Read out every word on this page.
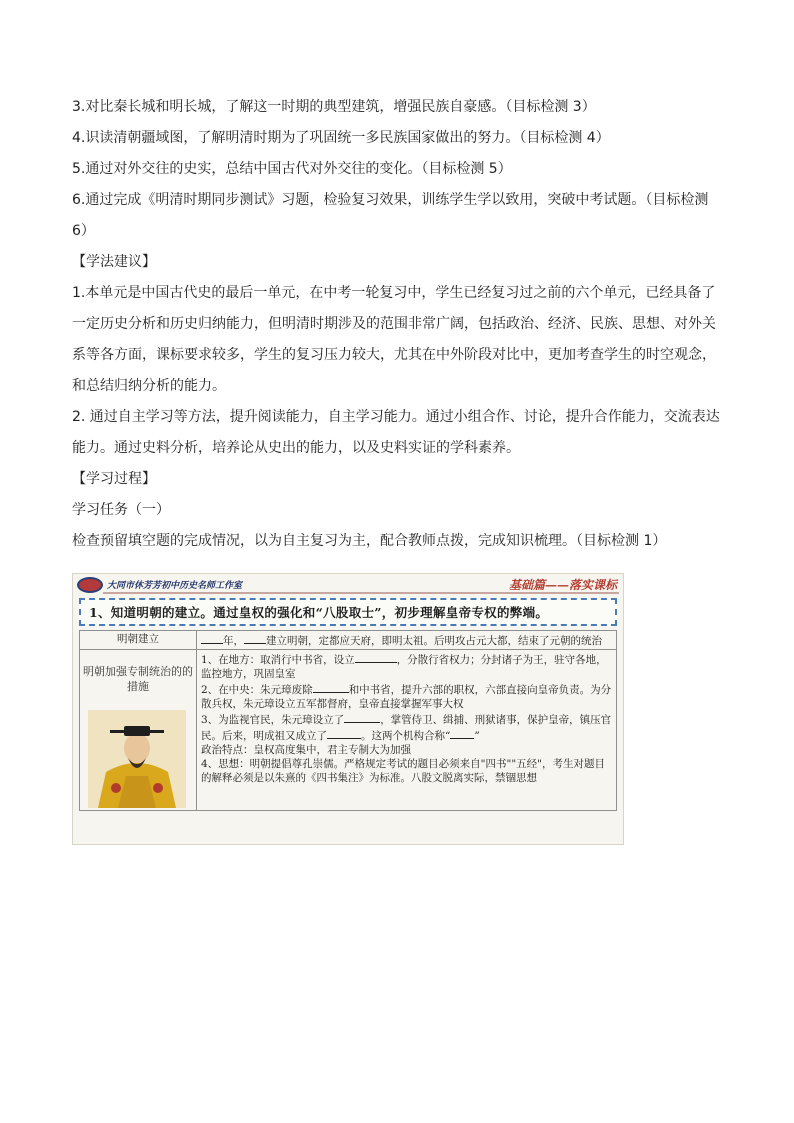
3.对比秦长城和明长城，了解这一时期的典型建筑，增强民族自豪感。（目标检测 3）

4.识读清朝疆域图，了解明清时期为了巩固统一多民族国家做出的努力。（目标检测 4）

5.通过对外交往的史实，总结中国古代对外交往的变化。（目标检测 5）

6.通过完成《明清时期同步测试》习题，检验复习效果，训练学生学以致用，突破中考试题。（目标检测 6）

【学法建议】

1.本单元是中国古代史的最后一单元，在中考一轮复习中，学生已经复习过之前的六个单元，已经具备了一定历史分析和历史归纳能力，但明清时期涉及的范围非常广阔，包括政治、经济、民族、思想、对外关系等各方面，课标要求较多，学生的复习压力较大，尤其在中外阶段对比中，更加考查学生的时空观念，和总结归纳分析的能力。

2. 通过自主学习等方法，提升阅读能力，自主学习能力。通过小组合作、讨论，提升合作能力，交流表达能力。通过史料分析，培养论从史出的能力，以及史料实证的学科素养。

【学习过程】

学习任务（一）

检查预留填空题的完成情况，以为自主复习为主，配合教师点拨，完成知识梳理。（目标检测 1）

大同市休芳芳初中历史名师工作室	基础篇——落实课标
1、知道明朝的建立。通过皇权的强化和“八股取士”，初步理解皇帝专权的弊端。
明朝建立	年， 建立明朝，定都应天府，即明太祖。后明攻占元大都，结束了元朝的统治

明朝加强专制统治的的措施	1、在地方：取消行中书省，设立 ，分散行省权力；分封诸子为王，驻守各地，监控地方，巩固皇室
2、在中央：朱元璋废除 和中书省，提升六部的职权，六部直接向皇帝负责。为分散兵权，朱元璋设立五军都督府，皇帝直接掌握军事大权
3、为监视官民，朱元璋设立了 ，掌管侍卫、缉捕、刑狱诸事，保护皇帝，镇压官民。后来，明成祖又成立了 。这两个机构合称“ ”
政治特点：皇权高度集中，君主专制大为加强
4、思想：明朝提倡尊孔崇儒。严格规定考试的题目必须来自"四书""五经"，考生对题目的解释必须是以朱熹的《四书集注》为标准。八股文脱离实际，禁锢思想
